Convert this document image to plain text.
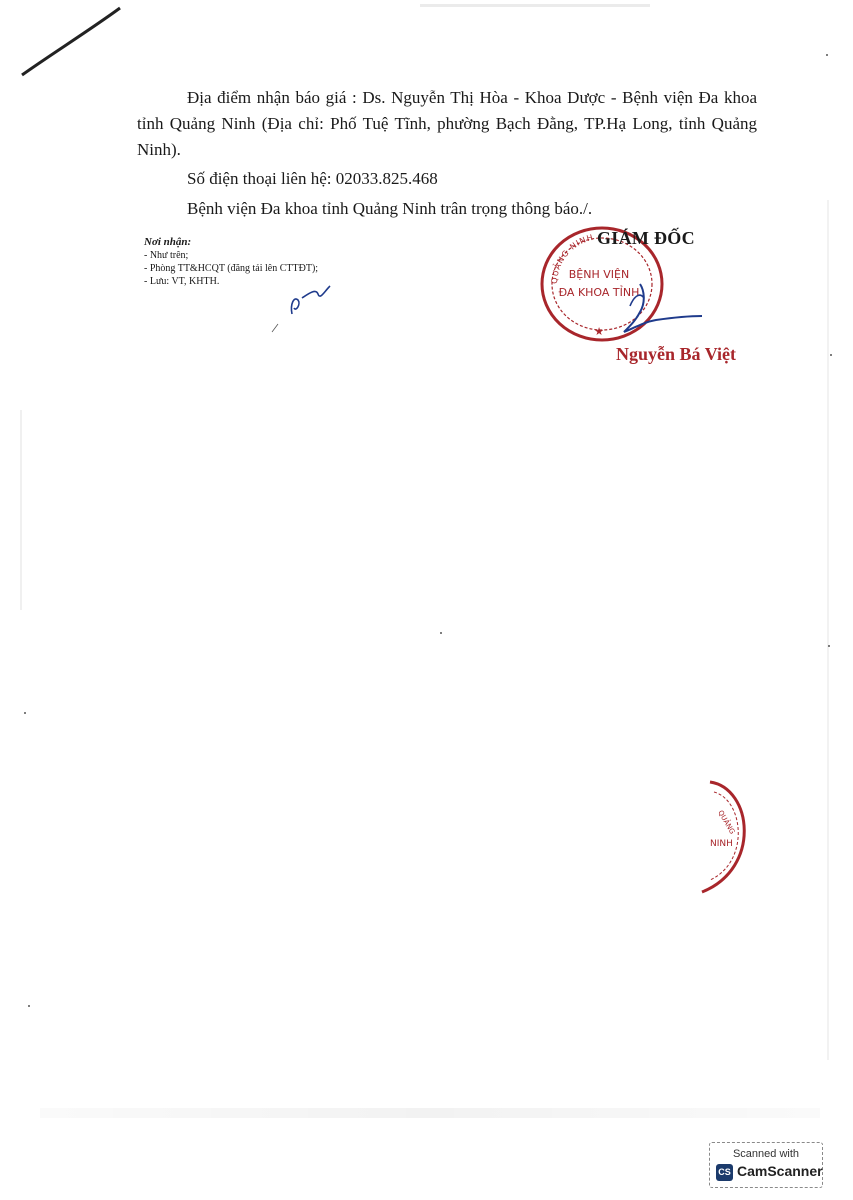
Địa điểm nhận báo giá : Ds. Nguyễn Thị Hòa - Khoa Dược - Bệnh viện Đa khoa tỉnh Quảng Ninh (Địa chỉ: Phố Tuệ Tĩnh, phường Bạch Đằng, TP.Hạ Long, tỉnh Quảng Ninh).

Số điện thoại liên hệ: 02033.825.468

Bệnh viện Đa khoa tỉnh Quảng Ninh trân trọng thông báo./.

Nơi nhận:
- Như trên;
- Phòng TT&HCQT (đăng tải lên CTTĐT);
- Lưu: VT, KHTH.	QUẢNG NINH
BỆNH VIỆN
ĐA KHOA TỈNH
★
GIÁM ĐỐC
Nguyễn Bá Việt
QUẢNG
NINH
Scanned with
CS CamScanner
